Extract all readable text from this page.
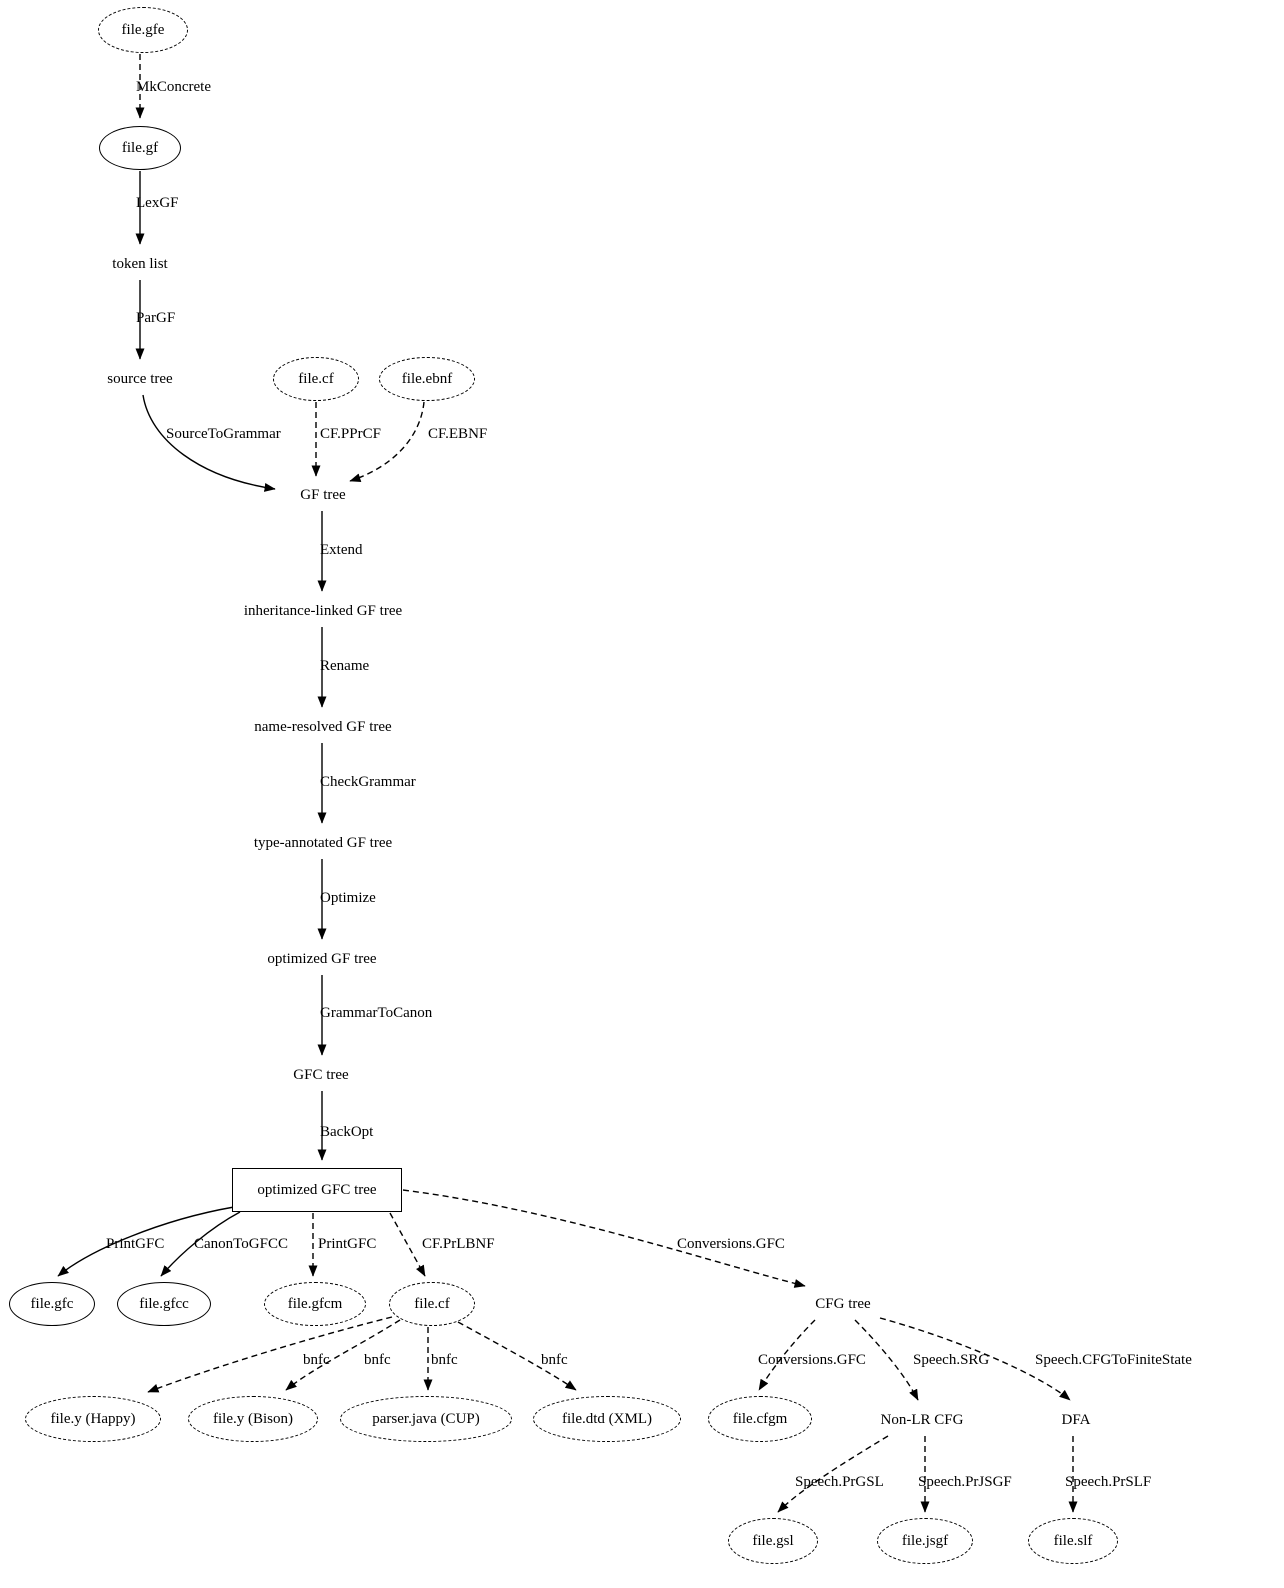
file.gfe
file.gf
token list
source tree	file.cf	file.ebnf
GF tree
inheritance-linked GF tree
name-resolved GF tree
type-annotated GF tree
optimized GF tree
GFC tree
optimized GFC tree
file.gfc	file.gfcc	file.gfcm	file.cf	CFG tree
file.y (Happy)	file.y (Bison)	parser.java (CUP)	file.dtd (XML)	file.cfgm	Non-LR CFG	DFA
file.gsl	file.jsgf	file.slf
MkConcrete
LexGF
ParGF
SourceToGrammar	CF.PPrCF	CF.EBNF
Extend
Rename
CheckGrammar
Optimize
GrammarToCanon
BackOpt
PrintGFC CanonToGFCC PrintGFC	CF.PrLBNF	Conversions.GFC
bnfc bnfc	bnfc	bnfc	Conversions.GFC	Speech.SRG	Speech.CFGToFiniteState
Speech.PrGSL Speech.PrJSGF	Speech.PrSLF
